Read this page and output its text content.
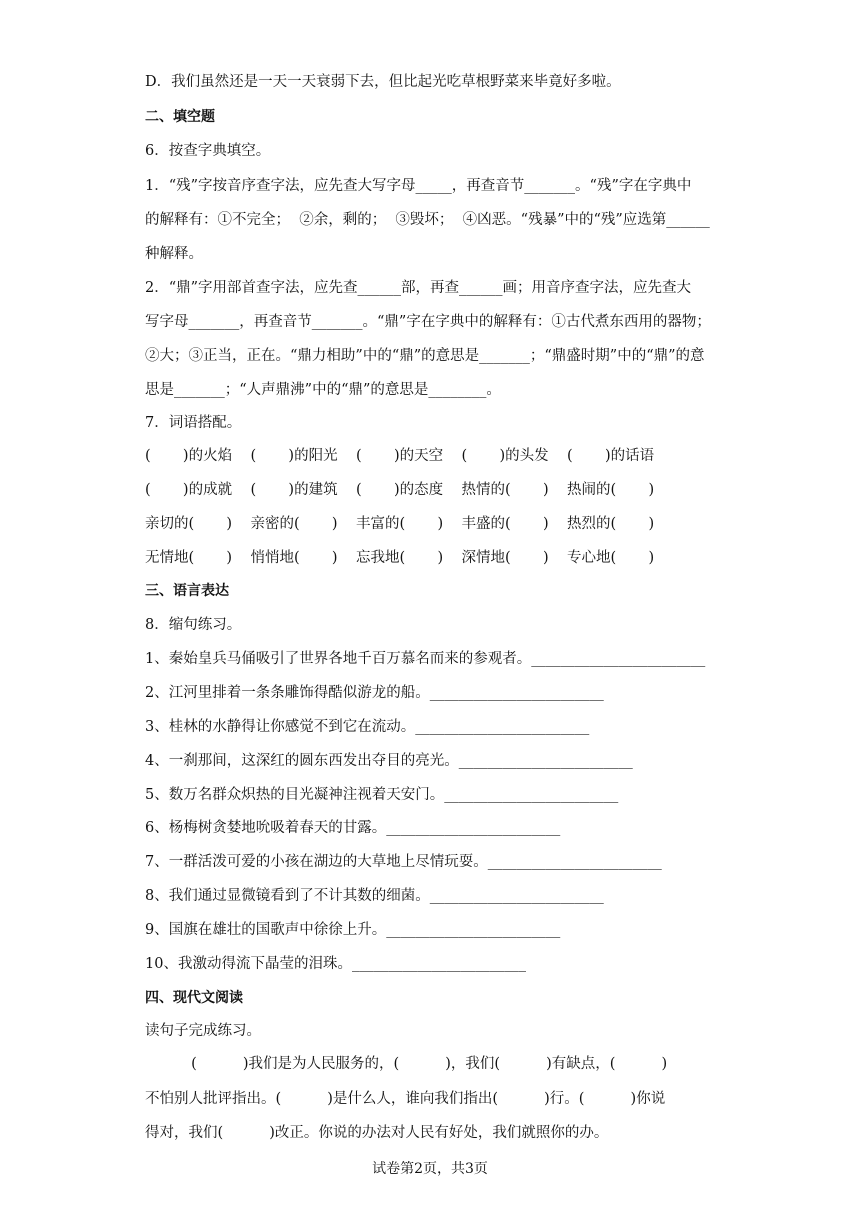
D．我们虽然还是一天一天衰弱下去，但比起光吃草根野菜来毕竟好多啦。
二、填空题
6．按查字典填空。
1．“残”字按音序查字法，应先查大写字母_____，再查音节_______。“残”字在字典中
的解释有：①不完全；  ②余，剩的；  ③毁坏；  ④凶恶。“残暴”中的“残”应选第______
种解释。
2．“鼎”字用部首查字法，应先查______部，再查______画；用音序查字法，应先查大
写字母_______，再查音节_______。“鼎”字在字典中的解释有：①古代煮东西用的器物；
②大；③正当，正在。“鼎力相助”中的“鼎”的意思是_______；“鼎盛时期”中的“鼎”的意
思是_______；“人声鼎沸”中的“鼎”的意思是________。
7．词语搭配。
(       )的火焰    (       )的阳光    (       )的天空    (       )的头发    (       )的话语
(       )的成就    (       )的建筑    (       )的态度    热情的(       )    热闹的(       )
亲切的(       )    亲密的(       )    丰富的(       )    丰盛的(       )    热烈的(       )
无情地(       )    悄悄地(       )    忘我地(       )    深情地(       )    专心地(       )
三、语言表达
8．缩句练习。
1、秦始皇兵马俑吸引了世界各地千百万慕名而来的参观者。________________________
2、江河里排着一条条雕饰得酷似游龙的船。________________________
3、桂林的水静得让你感觉不到它在流动。________________________
4、一刹那间，这深红的圆东西发出夺目的亮光。________________________
5、数万名群众炽热的目光凝神注视着天安门。________________________
6、杨梅树贪婪地吮吸着春天的甘露。________________________
7、一群活泼可爱的小孩在湖边的大草地上尽情玩耍。________________________
8、我们通过显微镜看到了不计其数的细菌。________________________
9、国旗在雄壮的国歌声中徐徐上升。________________________
10、我激动得流下晶莹的泪珠。________________________
四、现代文阅读
读句子完成练习。
(          )我们是为人民服务的，(          )，我们(          )有缺点，(          )
不怕别人批评指出。(          )是什么人，谁向我们指出(          )行。(          )你说
得对，我们(          )改正。你说的办法对人民有好处，我们就照你的办。
试卷第2页，共3页
